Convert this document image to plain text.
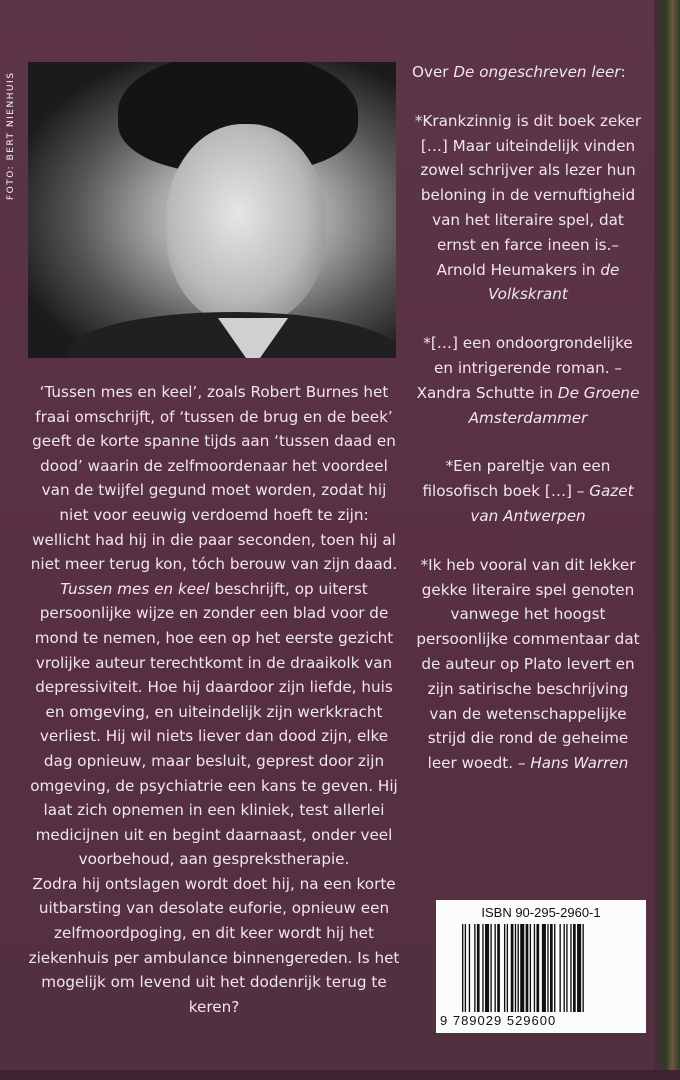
‘Tussen mes en keel’, zoals Robert Burnes het fraai omschrijft, of ‘tussen de brug en de beek’ geeft de korte spanne tijds aan ‘tussen daad en dood’ waarin de zelfmoordenaar het voordeel van de twijfel gegund moet worden, zodat hij niet voor eeuwig verdoemd hoeft te zijn: wellicht had hij in die paar seconden, toen hij al niet meer terug kon, tóch berouw van zijn daad.

Tussen mes en keel beschrijft, op uiterst persoonlijke wijze en zonder een blad voor de mond te nemen, hoe een op het eerste gezicht vrolijke auteur terechtkomt in de draaikolk van depressiviteit. Hoe hij daardoor zijn liefde, huis en omgeving, en uiteindelijk zijn werkkracht verliest. Hij wil niets liever dan dood zijn, elke dag opnieuw, maar besluit, geprest door zijn omgeving, de psychiatrie een kans te geven. Hij laat zich opnemen in een kliniek, test allerlei medicijnen uit en begint daarnaast, onder veel voorbehoud, aan gesprekstherapie.

Zodra hij ontslagen wordt doet hij, na een korte uitbarsting van desolate euforie, opnieuw een zelfmoordpoging, en dit keer wordt hij het ziekenhuis per ambulance binnengereden. Is het mogelijk om levend uit het dodenrijk terug te keren?

Over De ongeschreven leer:

*Krankzinnig is dit boek zeker […] Maar uiteindelijk vinden zowel schrijver als lezer hun beloning in de vernuftigheid van het literaire spel, dat ernst en farce ineen is.– Arnold Heumakers in de Volkskrant

*[…] een ondoorgrondelijke en intrigerende roman. – Xandra Schutte in De Groene Amsterdammer

*Een pareltje van een filosofisch boek […] – Gazet van Antwerpen

*Ik heb vooral van dit lekker gekke literaire spel genoten vanwege het hoogst persoonlijke commentaar dat de auteur op Plato levert en zijn satirische beschrijving van de wetenschappelijke strijd die rond de geheime leer woedt. – Hans Warren

ISBN 90-295-2960-1
9 789029 529600
